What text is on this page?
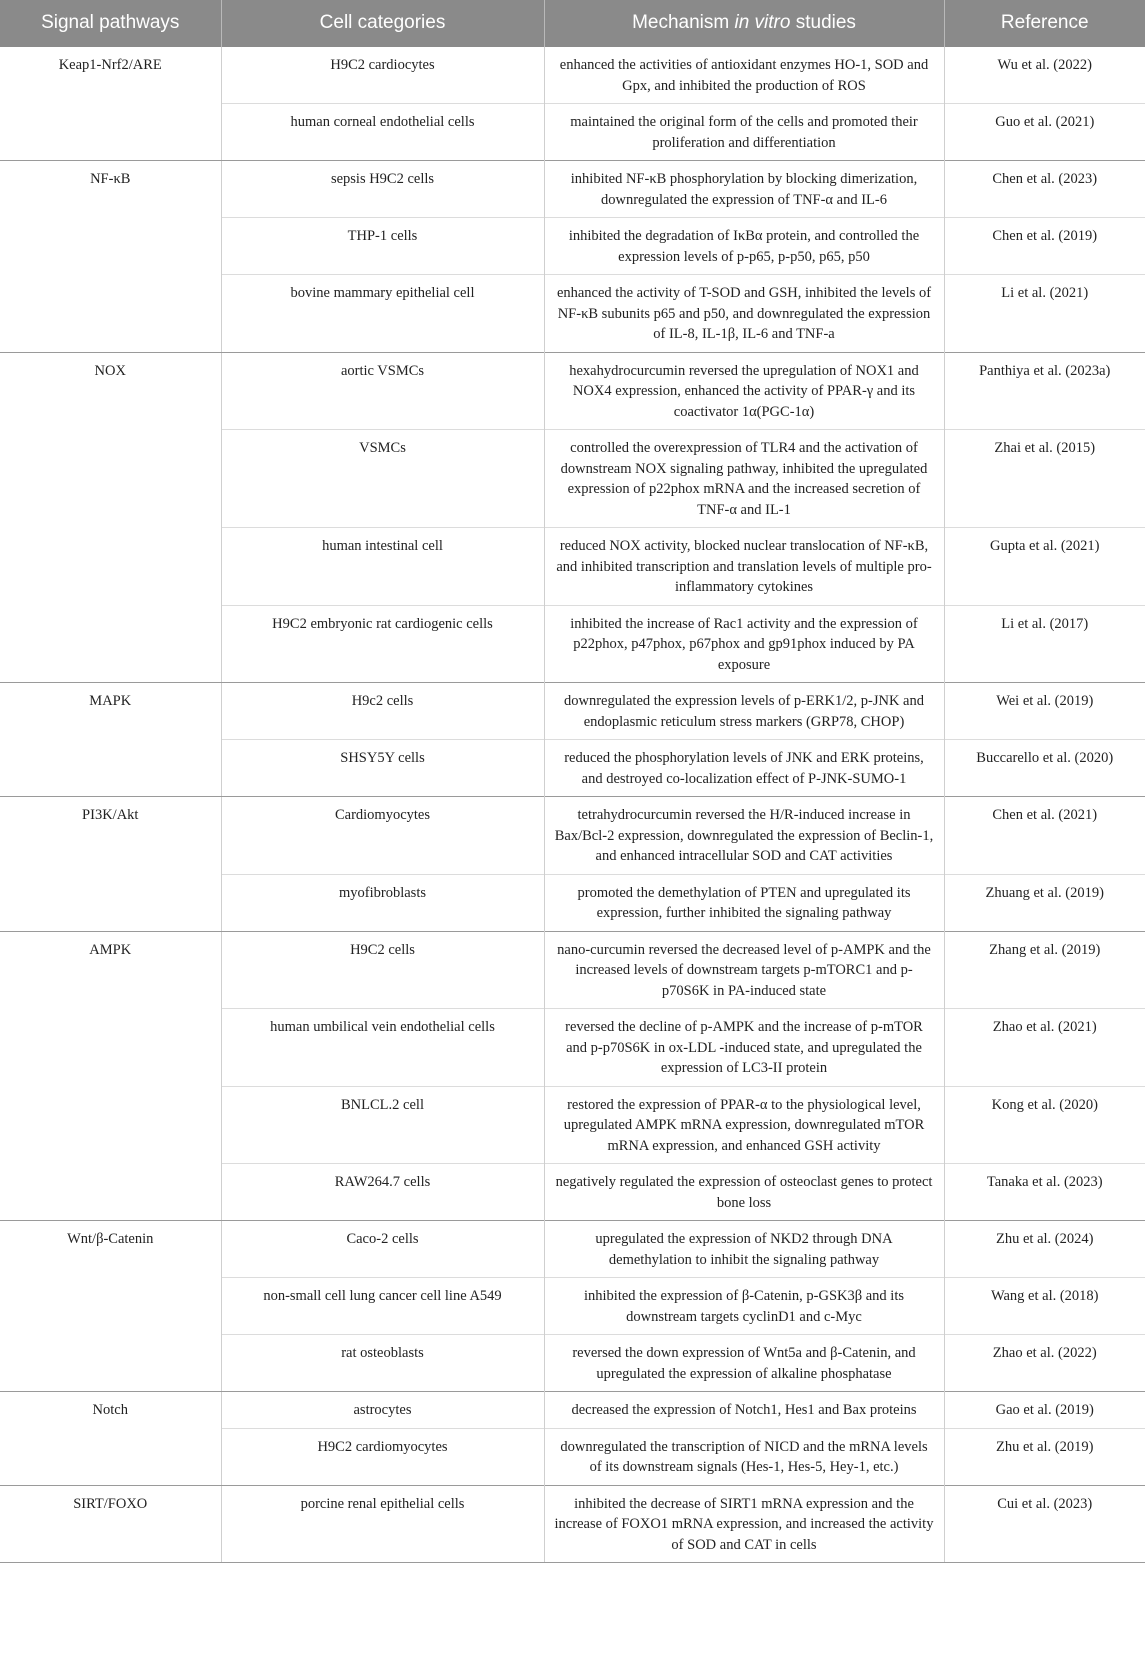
Signal pathways	Cell categories	Mechanism in vitro studies	Reference
Keap1-Nrf2/ARE	H9C2 cardiocytes	enhanced the activities of antioxidant enzymes HO-1, SOD and Gpx, and inhibited the production of ROS	Wu et al. (2022)
	human corneal endothelial cells	maintained the original form of the cells and promoted their proliferation and differentiation	Guo et al. (2021)
NF-κB	sepsis H9C2 cells	inhibited NF-κB phosphorylation by blocking dimerization, downregulated the expression of TNF-α and IL-6	Chen et al. (2023)
	THP-1 cells	inhibited the degradation of IκBα protein, and controlled the expression levels of p-p65, p-p50, p65, p50	Chen et al. (2019)
	bovine mammary epithelial cell	enhanced the activity of T-SOD and GSH, inhibited the levels of NF-κB subunits p65 and p50, and downregulated the expression of IL-8, IL-1β, IL-6 and TNF-a	Li et al. (2021)
NOX	aortic VSMCs	hexahydrocurcumin reversed the upregulation of NOX1 and NOX4 expression, enhanced the activity of PPAR-γ and its coactivator 1α(PGC-1α)	Panthiya et al. (2023a)
	VSMCs	controlled the overexpression of TLR4 and the activation of downstream NOX signaling pathway, inhibited the upregulated expression of p22phox mRNA and the increased secretion of TNF-α and IL-1	Zhai et al. (2015)
	human intestinal cell	reduced NOX activity, blocked nuclear translocation of NF-κB, and inhibited transcription and translation levels of multiple pro-inflammatory cytokines	Gupta et al. (2021)
	H9C2 embryonic rat cardiogenic cells	inhibited the increase of Rac1 activity and the expression of p22phox, p47phox, p67phox and gp91phox induced by PA exposure	Li et al. (2017)
MAPK	H9c2 cells	downregulated the expression levels of p-ERK1/2, p-JNK and endoplasmic reticulum stress markers (GRP78, CHOP)	Wei et al. (2019)
	SHSY5Y cells	reduced the phosphorylation levels of JNK and ERK proteins, and destroyed co-localization effect of P-JNK-SUMO-1	Buccarello et al. (2020)
PI3K/Akt	Cardiomyocytes	tetrahydrocurcumin reversed the H/R-induced increase in Bax/Bcl-2 expression, downregulated the expression of Beclin-1, and enhanced intracellular SOD and CAT activities	Chen et al. (2021)
	myofibroblasts	promoted the demethylation of PTEN and upregulated its expression, further inhibited the signaling pathway	Zhuang et al. (2019)
AMPK	H9C2 cells	nano-curcumin reversed the decreased level of p-AMPK and the increased levels of downstream targets p-mTORC1 and p-p70S6K in PA-induced state	Zhang et al. (2019)
	human umbilical vein endothelial cells	reversed the decline of p-AMPK and the increase of p-mTOR and p-p70S6K in ox-LDL -induced state, and upregulated the expression of LC3-II protein	Zhao et al. (2021)
	BNLCL.2 cell	restored the expression of PPAR-α to the physiological level, upregulated AMPK mRNA expression, downregulated mTOR mRNA expression, and enhanced GSH activity	Kong et al. (2020)
	RAW264.7 cells	negatively regulated the expression of osteoclast genes to protect bone loss	Tanaka et al. (2023)
Wnt/β-Catenin	Caco-2 cells	upregulated the expression of NKD2 through DNA demethylation to inhibit the signaling pathway	Zhu et al. (2024)
	non-small cell lung cancer cell line A549	inhibited the expression of β-Catenin, p-GSK3β and its downstream targets cyclinD1 and c-Myc	Wang et al. (2018)
	rat osteoblasts	reversed the down expression of Wnt5a and β-Catenin, and upregulated the expression of alkaline phosphatase	Zhao et al. (2022)
Notch	astrocytes	decreased the expression of Notch1, Hes1 and Bax proteins	Gao et al. (2019)
	H9C2 cardiomyocytes	downregulated the transcription of NICD and the mRNA levels of its downstream signals (Hes-1, Hes-5, Hey-1, etc.)	Zhu et al. (2019)
SIRT/FOXO	porcine renal epithelial cells	inhibited the decrease of SIRT1 mRNA expression and the increase of FOXO1 mRNA expression, and increased the activity of SOD and CAT in cells	Cui et al. (2023)
